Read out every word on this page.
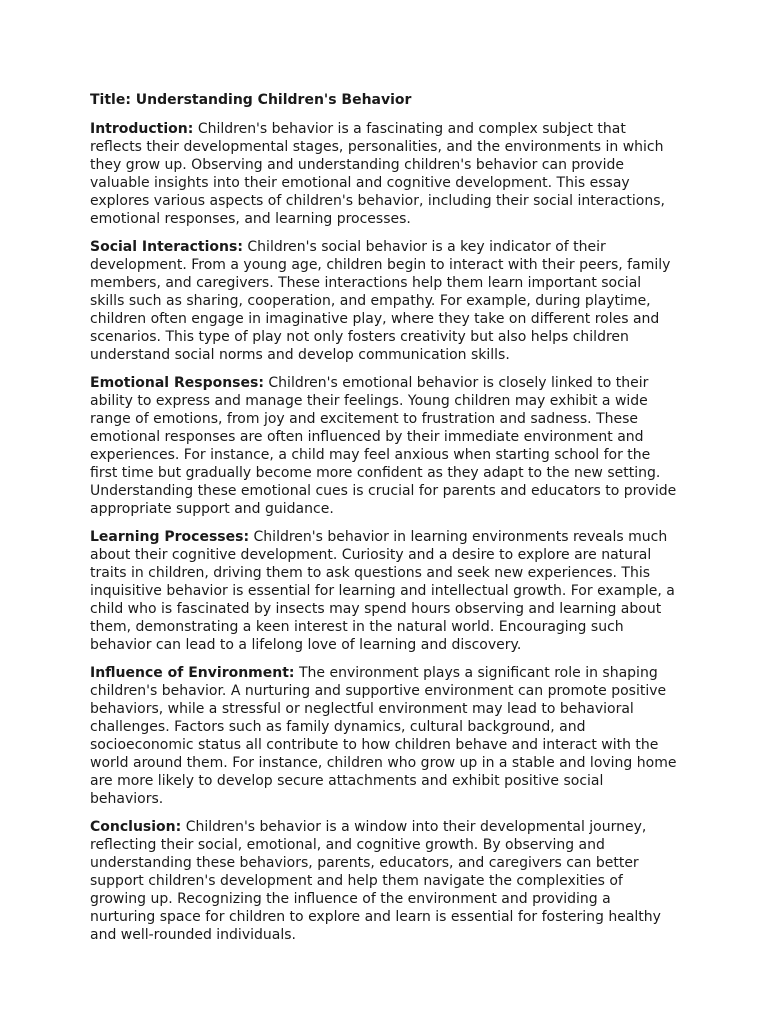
Title: Understanding Children's Behavior

Introduction: Children's behavior is a fascinating and complex subject that reflects their developmental stages, personalities, and the environments in which they grow up. Observing and understanding children's behavior can provide valuable insights into their emotional and cognitive development. This essay explores various aspects of children's behavior, including their social interactions, emotional responses, and learning processes.

Social Interactions: Children's social behavior is a key indicator of their development. From a young age, children begin to interact with their peers, family members, and caregivers. These interactions help them learn important social skills such as sharing, cooperation, and empathy. For example, during playtime, children often engage in imaginative play, where they take on different roles and scenarios. This type of play not only fosters creativity but also helps children understand social norms and develop communication skills.

Emotional Responses: Children's emotional behavior is closely linked to their ability to express and manage their feelings. Young children may exhibit a wide range of emotions, from joy and excitement to frustration and sadness. These emotional responses are often influenced by their immediate environment and experiences. For instance, a child may feel anxious when starting school for the first time but gradually become more confident as they adapt to the new setting. Understanding these emotional cues is crucial for parents and educators to provide appropriate support and guidance.

Learning Processes: Children's behavior in learning environments reveals much about their cognitive development. Curiosity and a desire to explore are natural traits in children, driving them to ask questions and seek new experiences. This inquisitive behavior is essential for learning and intellectual growth. For example, a child who is fascinated by insects may spend hours observing and learning about them, demonstrating a keen interest in the natural world. Encouraging such behavior can lead to a lifelong love of learning and discovery.

Influence of Environment: The environment plays a significant role in shaping children's behavior. A nurturing and supportive environment can promote positive behaviors, while a stressful or neglectful environment may lead to behavioral challenges. Factors such as family dynamics, cultural background, and socioeconomic status all contribute to how children behave and interact with the world around them. For instance, children who grow up in a stable and loving home are more likely to develop secure attachments and exhibit positive social behaviors.

Conclusion: Children's behavior is a window into their developmental journey, reflecting their social, emotional, and cognitive growth. By observing and understanding these behaviors, parents, educators, and caregivers can better support children's development and help them navigate the complexities of growing up. Recognizing the influence of the environment and providing a nurturing space for children to explore and learn is essential for fostering healthy and well-rounded individuals.
